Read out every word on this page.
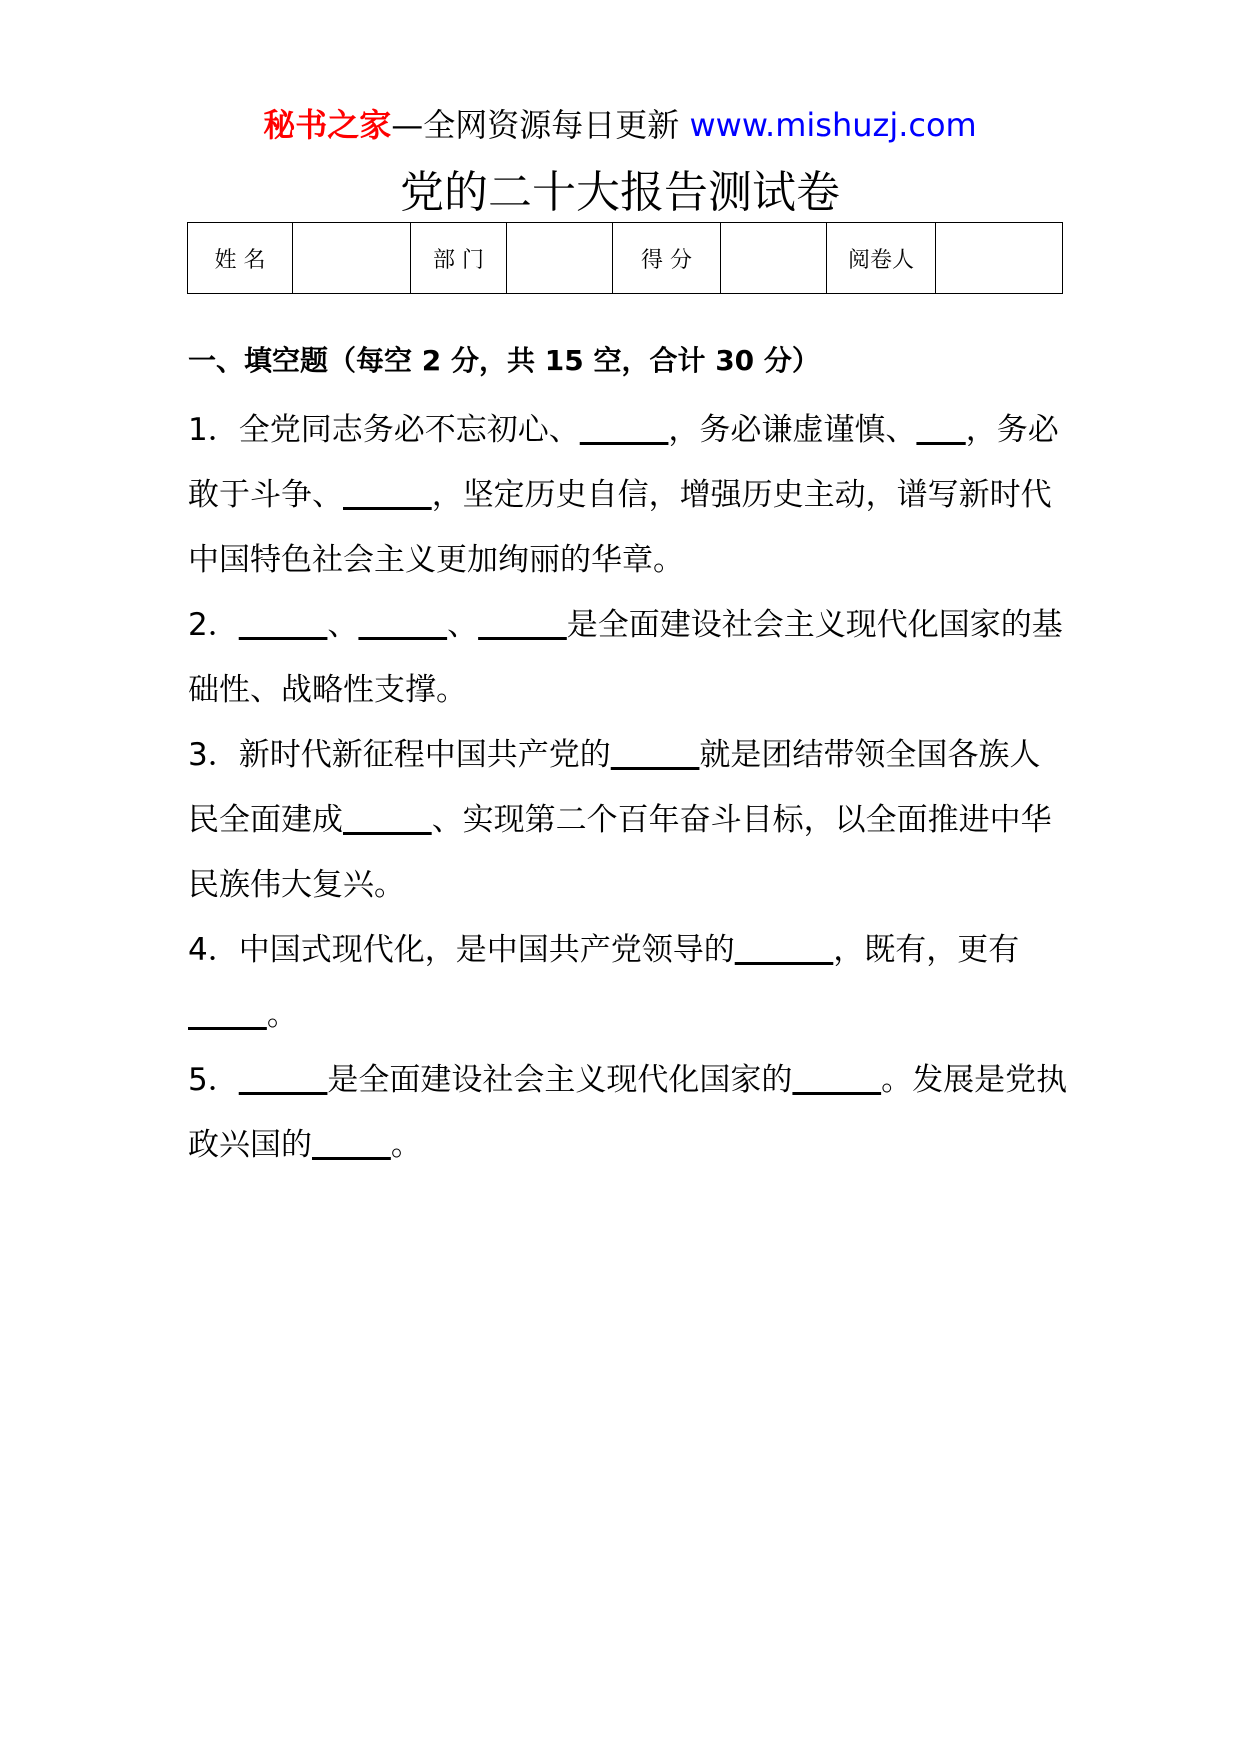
秘书之家—全网资源每日更新 www.mishuzj.com
党的二十大报告测试卷
姓 名		部 门		得 分		阅卷人	
一、填空题（每空 2 分，共 15 空，合计 30 分）

1．全党同志务必不忘初心、	，务必谦虚谨慎、 ，务必敢于斗争、	，坚定历史自信，增强历史主动，谱写新时代中国特色社会主义更加绚丽的华章。

2．	、	、	是全面建设社会主义现代化国家的基础性、战略性支撑。

3．新时代新征程中国共产党的	就是团结带领全国各族人民全面建成	、实现第二个百年奋斗目标，以全面推进中华民族伟大复兴。

4．中国式现代化，是中国共产党领导的	，既有，更有        。

5．	是全面建设社会主义现代化国家的	。发展是党执政兴国的	。
